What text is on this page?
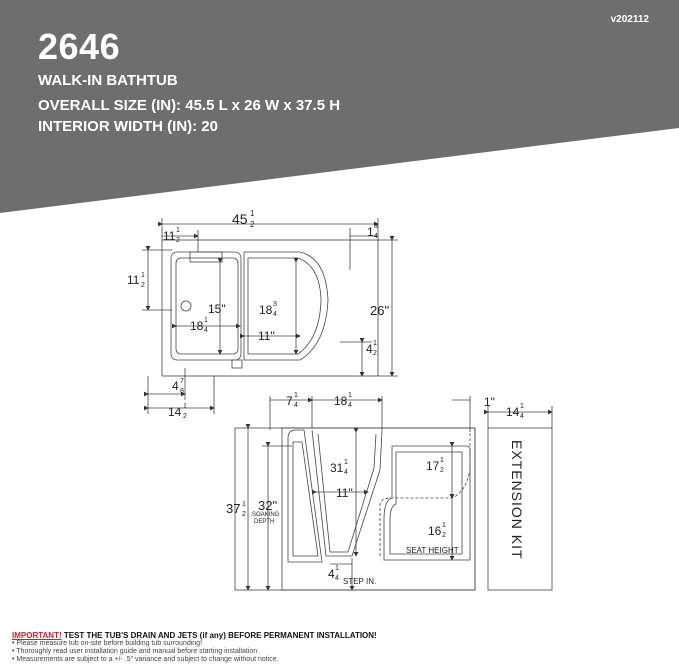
v202112
2646
WALK-IN BATHTUB
OVERALL SIZE (IN): 45.5 L x 26 W x 37.5 H
INTERIOR WIDTH (IN): 20
45 1
2
11 1
2
1 3
4
11 1
2
15"	18 3
4
18 1
4	11"
26"
4 1
2
4 7
8
14 1
2
7 1
4	18 1
4	1"
14 1
4
37 1
2
32"
SOAKING
DEPTH
31 1
4
11"
17 1
2
16 1
2
SEAT HEIGHT
4 1
4 STEP IN.
EXTENSION KIT
IMPORTANT! TEST THE TUB'S DRAIN AND JETS (if any) BEFORE PERMANENT INSTALLATION!
• Please measure tub on-site before building tub surrounding!
• Thoroughly read user installation guide and manual before starting installation.
• Measurements are subject to a +/- .5" variance and subject to change without notice.
